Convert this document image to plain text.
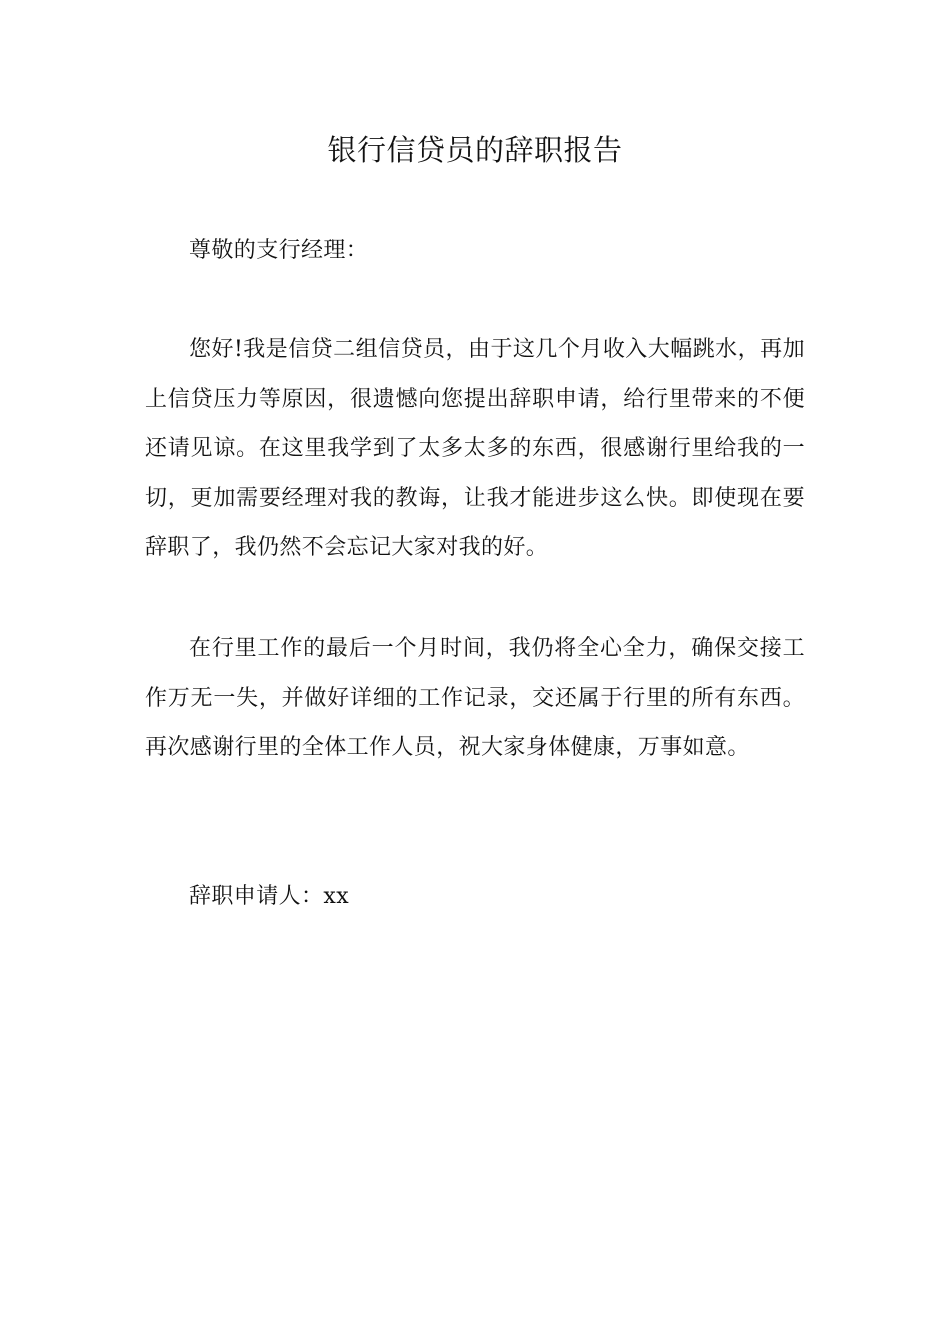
银行信贷员的辞职报告

尊敬的支行经理：

您好!我是信贷二组信贷员，由于这几个月收入大幅跳水，再加上信贷压力等原因，很遗憾向您提出辞职申请，给行里带来的不便还请见谅。在这里我学到了太多太多的东西，很感谢行里给我的一切，更加需要经理对我的教诲，让我才能进步这么快。即使现在要辞职了，我仍然不会忘记大家对我的好。

在行里工作的最后一个月时间，我仍将全心全力，确保交接工作万无一失，并做好详细的工作记录，交还属于行里的所有东西。再次感谢行里的全体工作人员，祝大家身体健康，万事如意。

辞职申请人：xx
